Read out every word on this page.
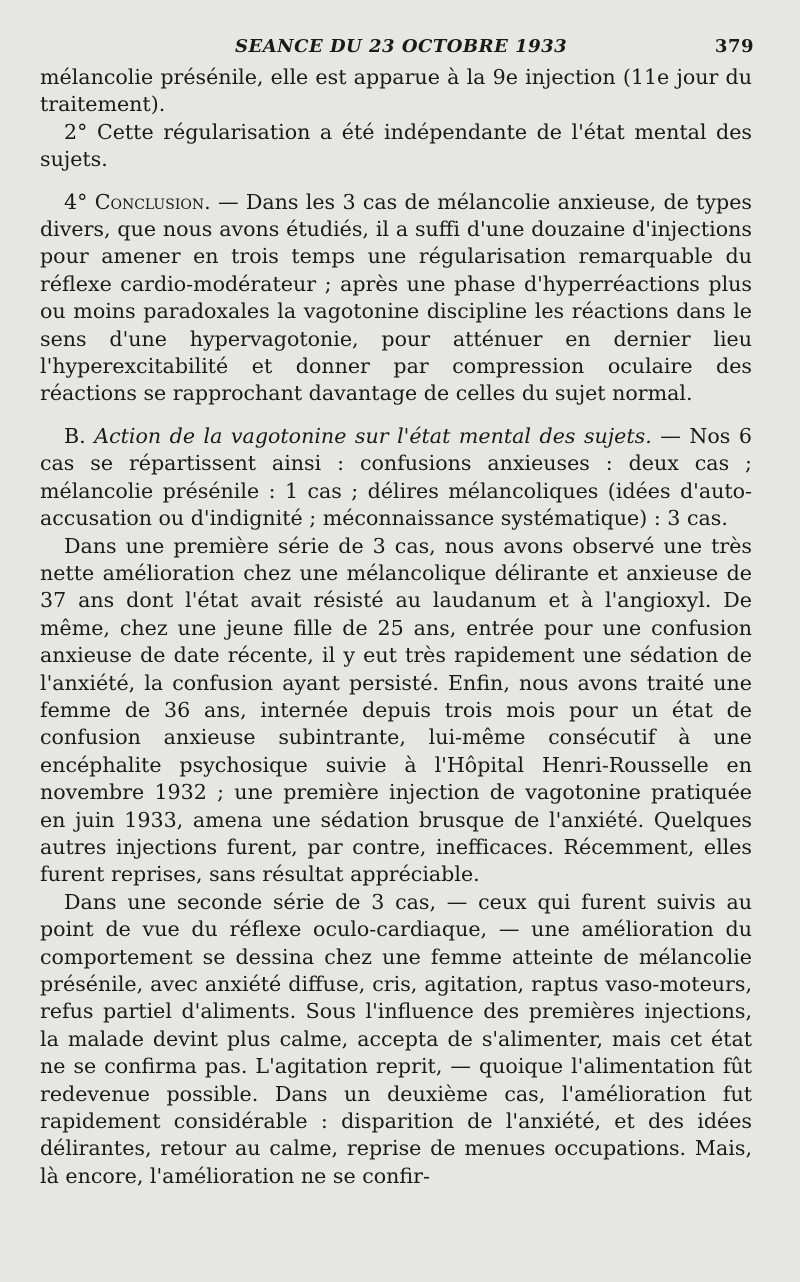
SEANCE DU 23 OCTOBRE 1933	379

mélancolie présénile, elle est apparue à la 9e injection (11e jour du traitement).

2° Cette régularisation a été indépendante de l'état mental des sujets.

4° Conclusion. — Dans les 3 cas de mélancolie anxieuse, de types divers, que nous avons étudiés, il a suffi d'une douzaine d'injections pour amener en trois temps une régularisation remarquable du réflexe cardio-modérateur ; après une phase d'hyperréactions plus ou moins paradoxales la vagotonine discipline les réactions dans le sens d'une hypervagotonie, pour atténuer en dernier lieu l'hyperexcitabilité et donner par compression oculaire des réactions se rapprochant davantage de celles du sujet normal.

B. Action de la vagotonine sur l'état mental des sujets. — Nos 6 cas se répartissent ainsi : confusions anxieuses : deux cas ; mélancolie présénile : 1 cas ; délires mélancoliques (idées d'auto-accusation ou d'indignité ; méconnaissance systématique) : 3 cas.

Dans une première série de 3 cas, nous avons observé une très nette amélioration chez une mélancolique délirante et anxieuse de 37 ans dont l'état avait résisté au laudanum et à l'angioxyl. De même, chez une jeune fille de 25 ans, entrée pour une confusion anxieuse de date récente, il y eut très rapidement une sédation de l'anxiété, la confusion ayant persisté. Enfin, nous avons traité une femme de 36 ans, internée depuis trois mois pour un état de confusion anxieuse subintrante, lui-même consécutif à une encéphalite psychosique suivie à l'Hôpital Henri-Rousselle en novembre 1932 ; une première injection de vagotonine pratiquée en juin 1933, amena une sédation brusque de l'anxiété. Quelques autres injections furent, par contre, inefficaces. Récemment, elles furent reprises, sans résultat appréciable.

Dans une seconde série de 3 cas, — ceux qui furent suivis au point de vue du réflexe oculo-cardiaque, — une amélioration du comportement se dessina chez une femme atteinte de mélancolie présénile, avec anxiété diffuse, cris, agitation, raptus vaso-moteurs, refus partiel d'aliments. Sous l'influence des premières injections, la malade devint plus calme, accepta de s'alimenter, mais cet état ne se confirma pas. L'agitation reprit, — quoique l'alimentation fût redevenue possible. Dans un deuxième cas, l'amélioration fut rapidement considérable : disparition de l'anxiété, et des idées délirantes, retour au calme, reprise de menues occupations. Mais, là encore, l'amélioration ne se confir-
